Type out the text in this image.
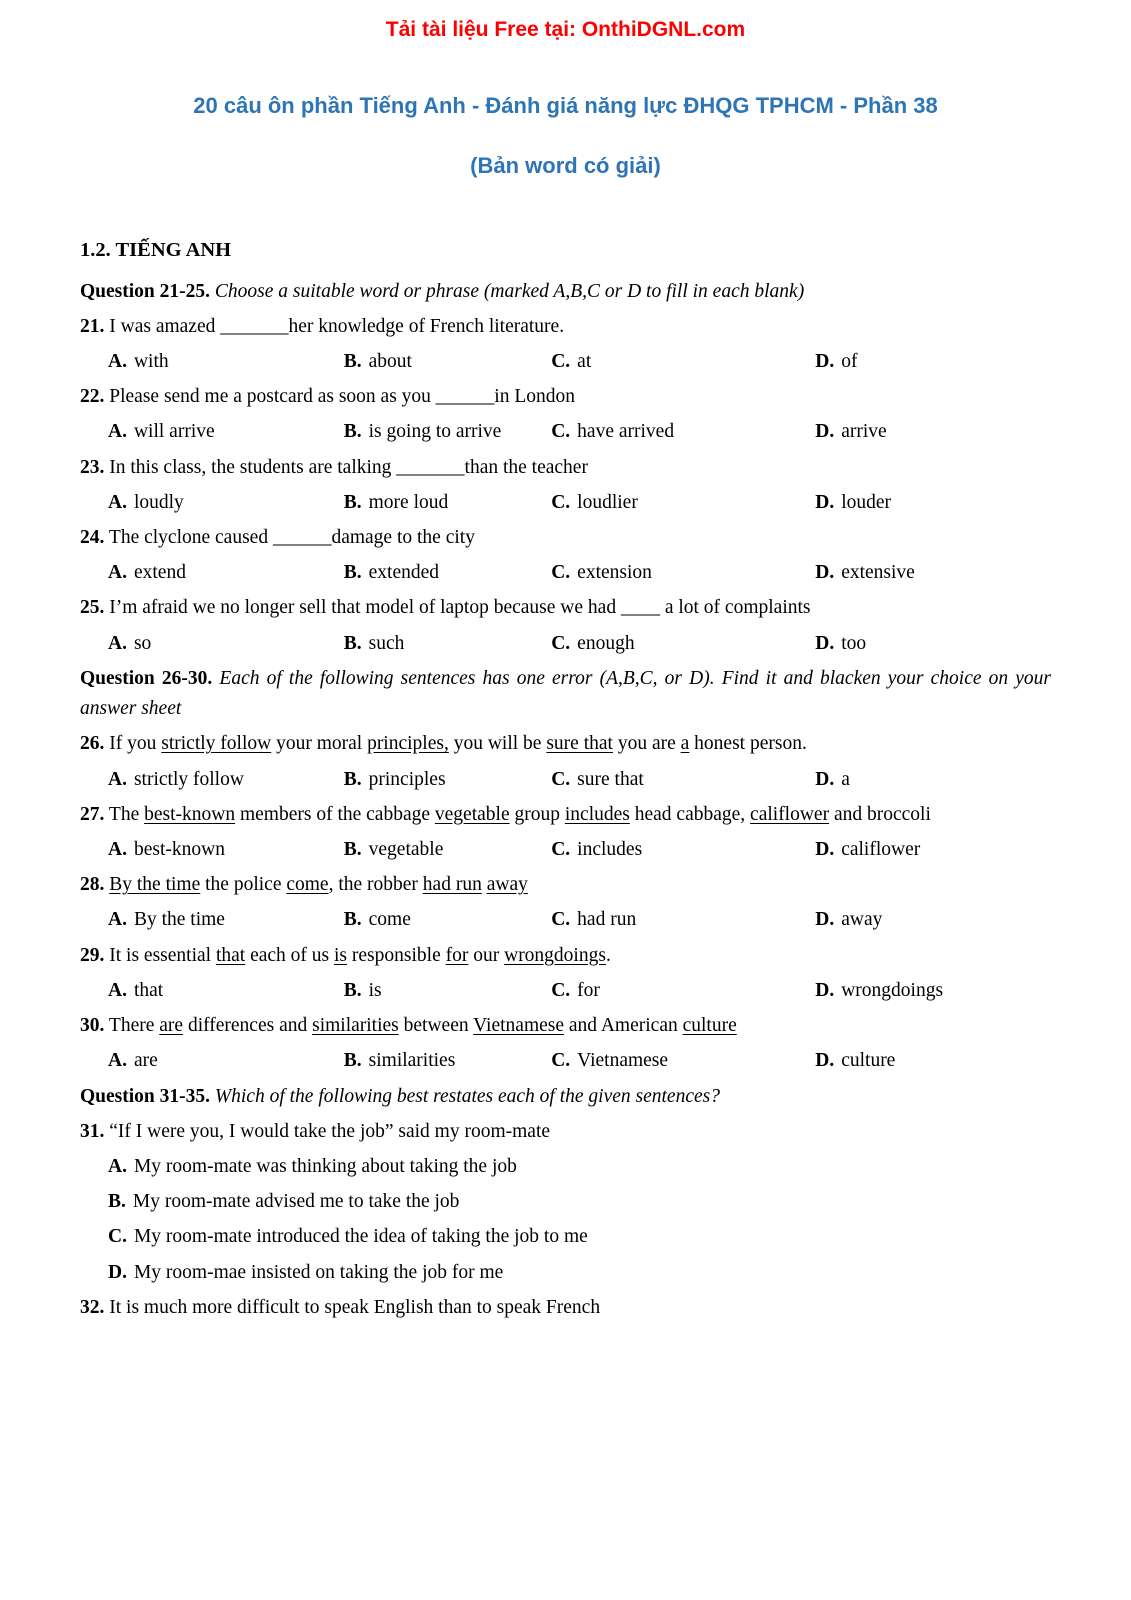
Tải tài liệu Free tại: OnthiDGNL.com
20 câu ôn phần Tiếng Anh - Đánh giá năng lực ĐHQG TPHCM - Phần 38
(Bản word có giải)
1.2. TIẾNG ANH
Question 21-25. Choose a suitable word or phrase (marked A,B,C or D to fill in each blank)
21. I was amazed _______her knowledge of French literature.
A. with	B. about	C. at	D. of
22. Please send me a postcard as soon as you ______in London
A. will arrive	B. is going to arrive	C. have arrived	D. arrive
23. In this class, the students are talking _______than the teacher
A. loudly	B. more loud	C. loudlier	D. louder
24. The clyclone caused ______damage to the city
A. extend	B. extended	C. extension	D. extensive
25. I’m afraid we no longer sell that model of laptop because we had ____ a lot of complaints
A. so	B. such	C. enough	D. too
Question 26-30. Each of the following sentences has one error (A,B,C, or D). Find it and blacken your choice on your answer sheet
26. If you strictly follow your moral principles, you will be sure that you are a honest person.
A. strictly follow	B. principles	C. sure that	D. a
27. The best-known members of the cabbage vegetable group includes head cabbage, califlower and broccoli
A. best-known	B. vegetable	C. includes	D. califlower
28. By the time the police come, the robber had run away
A. By the time	B. come	C. had run	D. away
29. It is essential that each of us is responsible for our wrongdoings.
A. that	B. is	C. for	D. wrongdoings
30. There are differences and similarities between Vietnamese and American culture
A. are	B. similarities	C. Vietnamese	D. culture
Question 31-35. Which of the following best restates each of the given sentences?
31. “If I were you, I would take the job” said my room-mate
A. My room-mate was thinking about taking the job
B. My room-mate advised me to take the job
C. My room-mate introduced the idea of taking the job to me
D. My room-mae insisted on taking the job for me
32. It is much more difficult to speak English than to speak French
